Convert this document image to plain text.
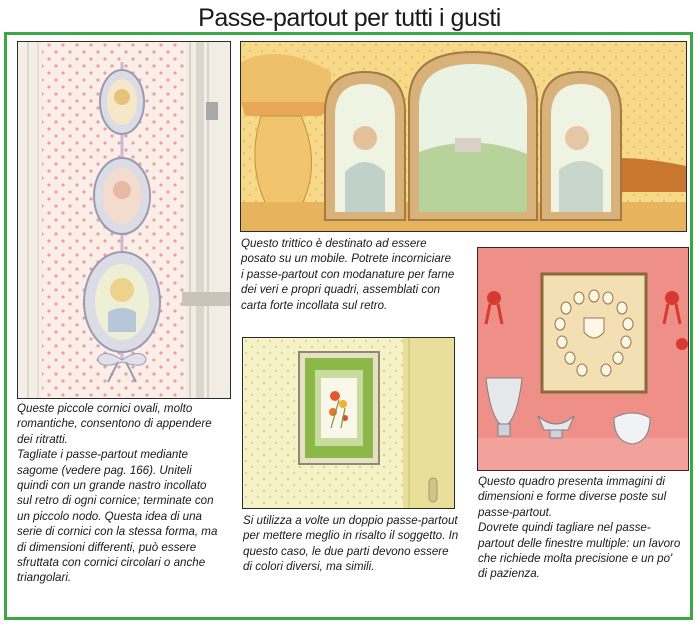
Passe-partout per tutti i gusti
Queste piccole cornici ovali, molto
romantiche, consentono di appendere
dei ritratti.
Tagliate i passe-partout mediante
sagome (vedere pag. 166). Uniteli
quindi con un grande nastro incollato
sul retro di ogni cornice; terminate con
un piccolo nodo. Questa idea di una
serie di cornici con la stessa forma, ma
di dimensioni differenti, può essere
sfruttata con cornici circolari o anche
triangolari.
Questo trittico è destinato ad essere
posato su un mobile. Potrete incorniciare
i passe-partout con modanature per farne
dei veri e propri quadri, assemblati con
carta forte incollata sul retro.
Si utilizza a volte un doppio passe-partout
per mettere meglio in risalto il soggetto. In
questo caso, le due parti devono essere
di colori diversi, ma simili.
Questo quadro presenta immagini di
dimensioni e forme diverse poste sul
passe-partout.
Dovrete quindi tagliare nel passe-
partout delle finestre multiple: un lavoro
che richiede molta precisione e un po'
di pazienza.
